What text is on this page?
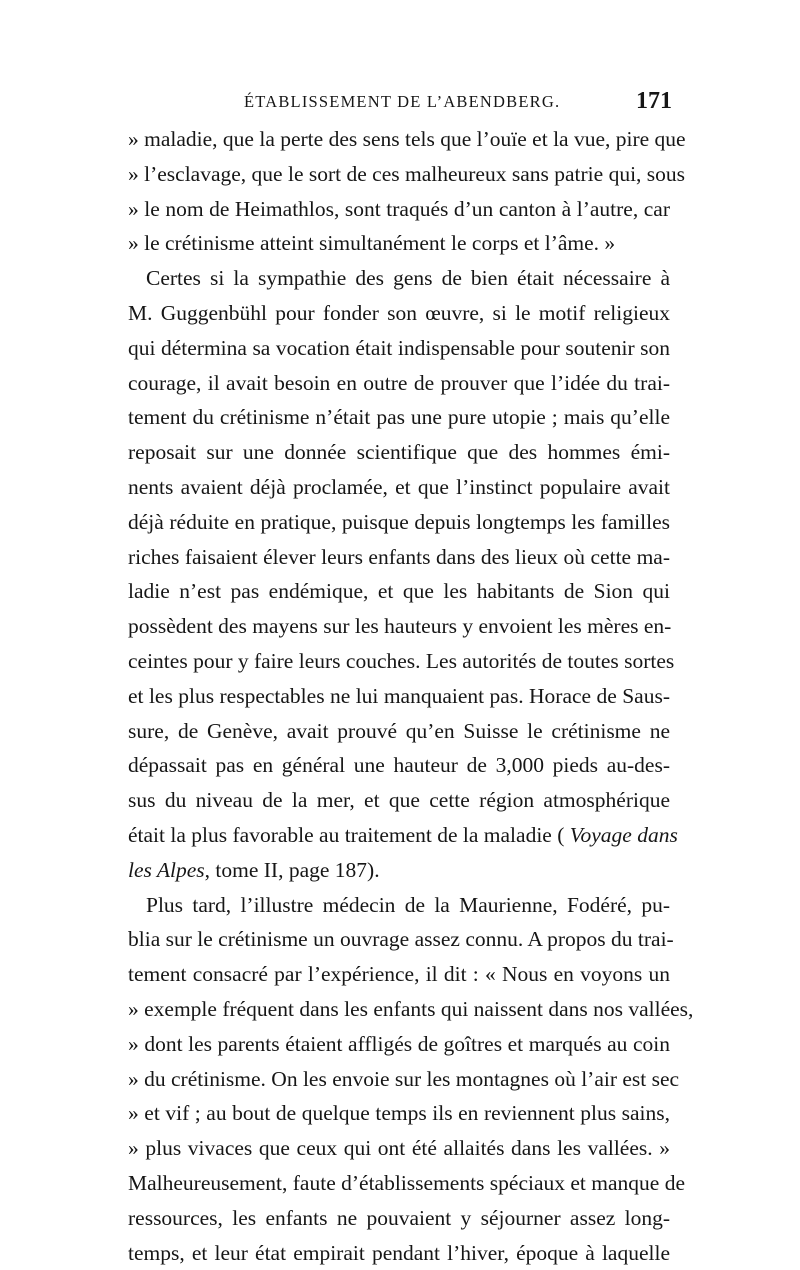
ÉTABLISSEMENT DE L’ABENDBERG.	171
» maladie, que la perte des sens tels que l’ouïe et la vue, pire que
» l’esclavage, que le sort de ces malheureux sans patrie qui, sous
» le nom de Heimathlos, sont traqués d’un canton à l’autre, car
» le crétinisme atteint simultanément le corps et l’âme. »
Certes si la sympathie des gens de bien était nécessaire à
M. Guggenbühl pour fonder son œuvre, si le motif religieux
qui détermina sa vocation était indispensable pour soutenir son
courage, il avait besoin en outre de prouver que l’idée du trai-
tement du crétinisme n’était pas une pure utopie ; mais qu’elle
reposait sur une donnée scientifique que des hommes émi-
nents avaient déjà proclamée, et que l’instinct populaire avait
déjà réduite en pratique, puisque depuis longtemps les familles
riches faisaient élever leurs enfants dans des lieux où cette ma-
ladie n’est pas endémique, et que les habitants de Sion qui
possèdent des mayens sur les hauteurs y envoient les mères en-
ceintes pour y faire leurs couches. Les autorités de toutes sortes
et les plus respectables ne lui manquaient pas. Horace de Saus-
sure, de Genève, avait prouvé qu’en Suisse le crétinisme ne
dépassait pas en général une hauteur de 3,000 pieds au-des-
sus du niveau de la mer, et que cette région atmosphérique
était la plus favorable au traitement de la maladie ( Voyage dans
les Alpes, tome II, page 187).
Plus tard, l’illustre médecin de la Maurienne, Fodéré, pu-
blia sur le crétinisme un ouvrage assez connu. A propos du trai-
tement consacré par l’expérience, il dit : « Nous en voyons un
» exemple fréquent dans les enfants qui naissent dans nos vallées,
» dont les parents étaient affligés de goîtres et marqués au coin
» du crétinisme. On les envoie sur les montagnes où l’air est sec
» et vif ; au bout de quelque temps ils en reviennent plus sains,
» plus vivaces que ceux qui ont été allaités dans les vallées. »
Malheureusement, faute d’établissements spéciaux et manque de
ressources, les enfants ne pouvaient y séjourner assez long-
temps, et leur état empirait pendant l’hiver, époque à laquelle
